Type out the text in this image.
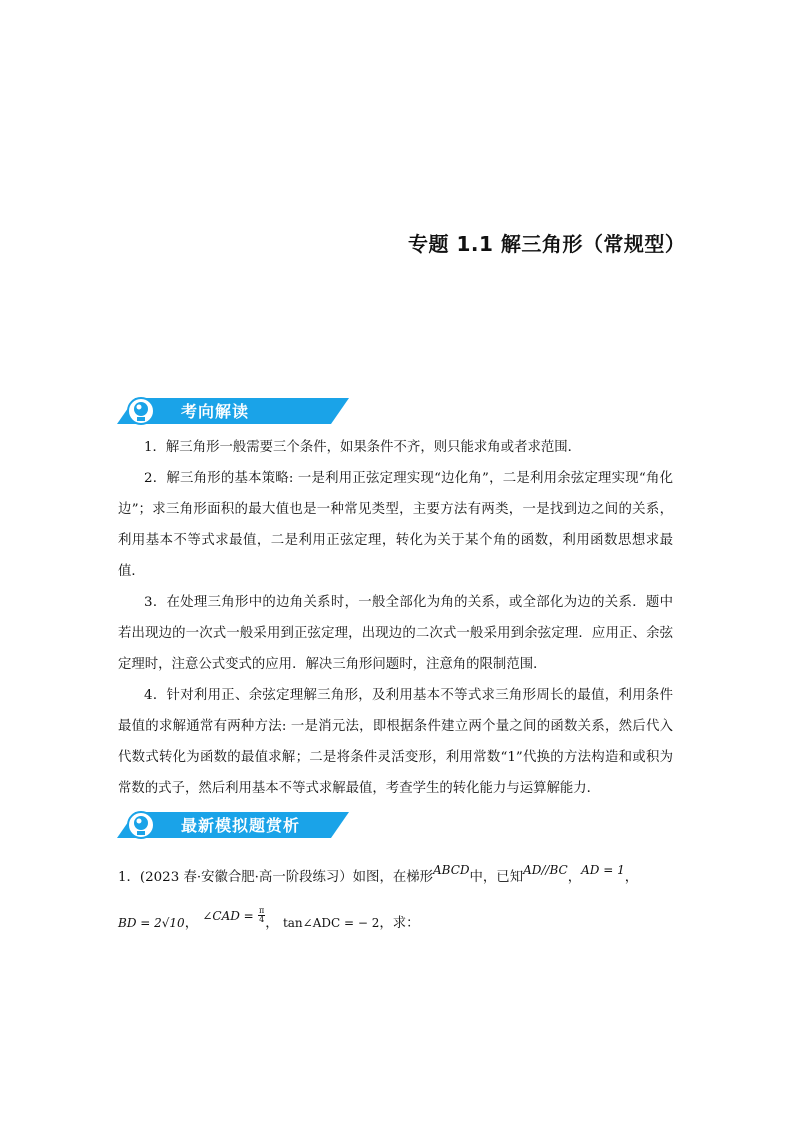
专题 1.1 解三角形（常规型）
考向解读
1．解三角形一般需要三个条件，如果条件不齐，则只能求角或者求范围．
2．解三角形的基本策略: 一是利用正弦定理实现“边化角”，二是利用余弦定理实现“角化边”；求三角形面积的最大值也是一种常见类型，主要方法有两类，一是找到边之间的关系，利用基本不等式求最值，二是利用正弦定理，转化为关于某个角的函数，利用函数思想求最值．
3．在处理三角形中的边角关系时，一般全部化为角的关系，或全部化为边的关系．题中若出现边的一次式一般采用到正弦定理，出现边的二次式一般采用到余弦定理．应用正、余弦定理时，注意公式变式的应用．解决三角形问题时，注意角的限制范围．
4．针对利用正、余弦定理解三角形，及利用基本不等式求三角形周长的最值，利用条件最值的求解通常有两种方法: 一是消元法，即根据条件建立两个量之间的函数关系，然后代入代数式转化为函数的最值求解；二是将条件灵活变形，利用常数“1”代换的方法构造和或积为常数的式子，然后利用基本不等式求解最值，考查学生的转化能力与运算解能力．
最新模拟题赏析
1．(2023 春·安徽合肥·高一阶段练习）如图，在梯形ABCD中，已知AD//BC，AD = 1，
BD = 2√10， ∠CAD = $\frac{\pi}{4}$ ， tan∠ADC = − 2，求：
